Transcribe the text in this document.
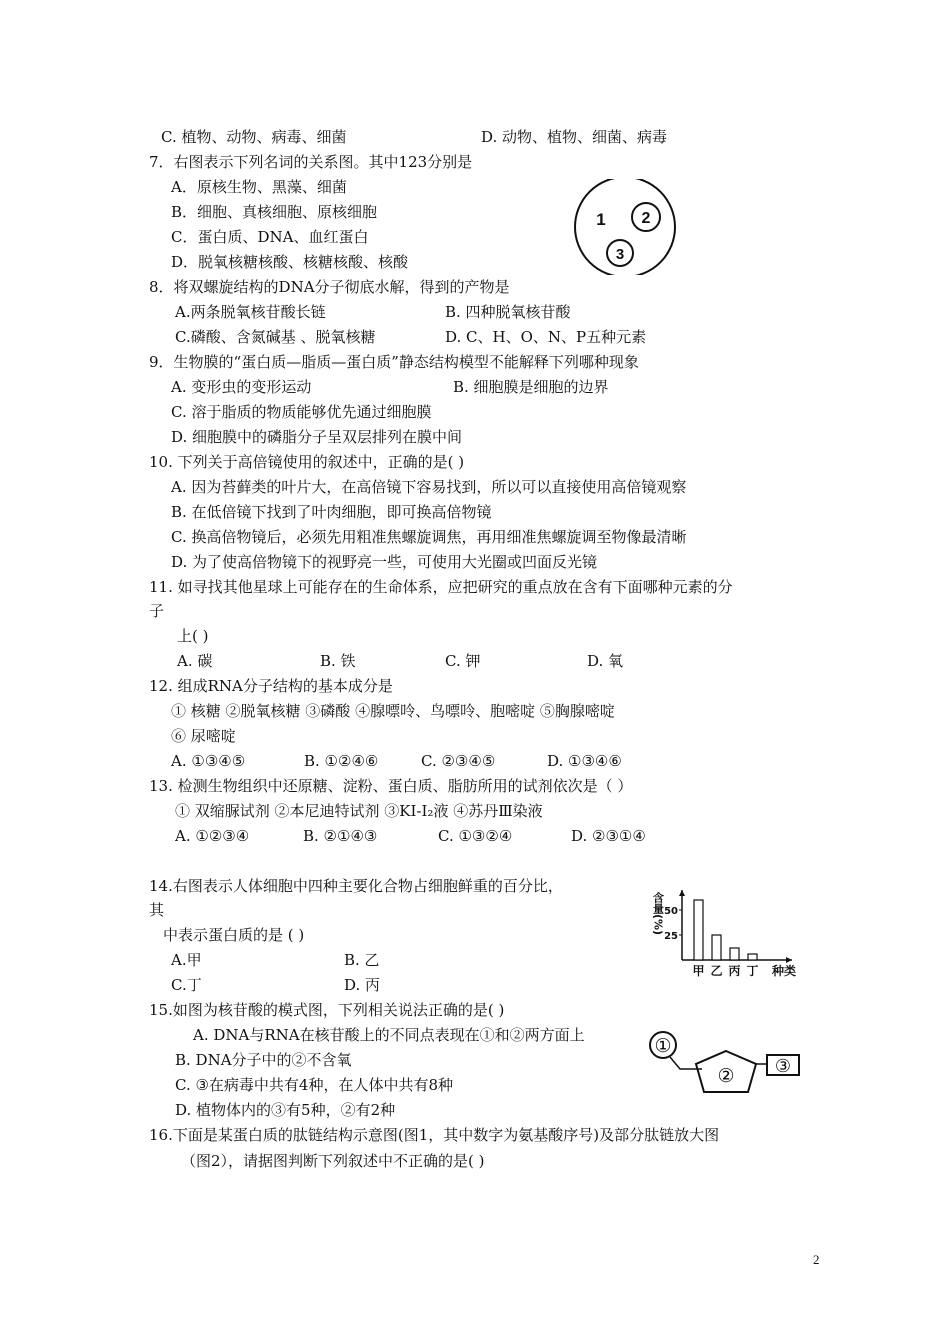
C. 植物、动物、病毒、细菌	D. 动物、植物、细菌、病毒
7．右图表示下列名词的关系图。其中123分别是
A．原核生物、黑藻、细菌
B．细胞、真核细胞、原核细胞
C．蛋白质、DNA、血红蛋白
D．脱氧核糖核酸、核糖核酸、核酸
8．将双螺旋结构的DNA分子彻底水解，得到的产物是
A.两条脱氧核苷酸长链	B. 四种脱氧核苷酸
C.磷酸、含氮碱基 、脱氧核糖	D. C、H、O、N、P五种元素
9．生物膜的“蛋白质—脂质—蛋白质”静态结构模型不能解释下列哪种现象
A. 变形虫的变形运动	B. 细胞膜是细胞的边界
C. 溶于脂质的物质能够优先通过细胞膜
D. 细胞膜中的磷脂分子呈双层排列在膜中间
10. 下列关于高倍镜使用的叙述中，正确的是( )
A. 因为苔藓类的叶片大，在高倍镜下容易找到，所以可以直接使用高倍镜观察
B. 在低倍镜下找到了叶肉细胞，即可换高倍物镜
C. 换高倍物镜后，必须先用粗准焦螺旋调焦，再用细准焦螺旋调至物像最清晰
D. 为了使高倍物镜下的视野亮一些，可使用大光圈或凹面反光镜
11. 如寻找其他星球上可能存在的生命体系，应把研究的重点放在含有下面哪种元素的分
子
上( )
A. 碳	B. 铁	C. 钾	D. 氧
12. 组成RNA分子结构的基本成分是
① 核糖 ②脱氧核糖 ③磷酸 ④腺嘌呤、鸟嘌呤、胞嘧啶 ⑤胸腺嘧啶
⑥ 尿嘧啶
A. ①③④⑤	B. ①②④⑥	C. ②③④⑤	D. ①③④⑥
13. 检测生物组织中还原糖、淀粉、蛋白质、脂肪所用的试剂依次是（ ）
① 双缩脲试剂 ②本尼迪特试剂 ③KI-I₂液 ④苏丹Ⅲ染液
A. ①②③④	B. ②①④③	C. ①③②④	D. ②③①④
14.右图表示人体细胞中四种主要化合物占细胞鲜重的百分比，
其
中表示蛋白质的是 ( )
A.甲	B. 乙
C.丁	D. 丙
15.如图为核苷酸的模式图，下列相关说法正确的是( )
A. DNA与RNA在核苷酸上的不同点表现在①和②两方面上
B. DNA分子中的②不含氧
C. ③在病毒中共有4种，在人体中共有8种
D. 植物体内的③有5种，②有2种
16.下面是某蛋白质的肽链结构示意图(图1，其中数字为氨基酸序号)及部分肽链放大图
（图2），请据图判断下列叙述中不正确的是( )
1 2
3
含量(%) 50
25
甲 乙 丙 丁 种类
①
② ③
2
